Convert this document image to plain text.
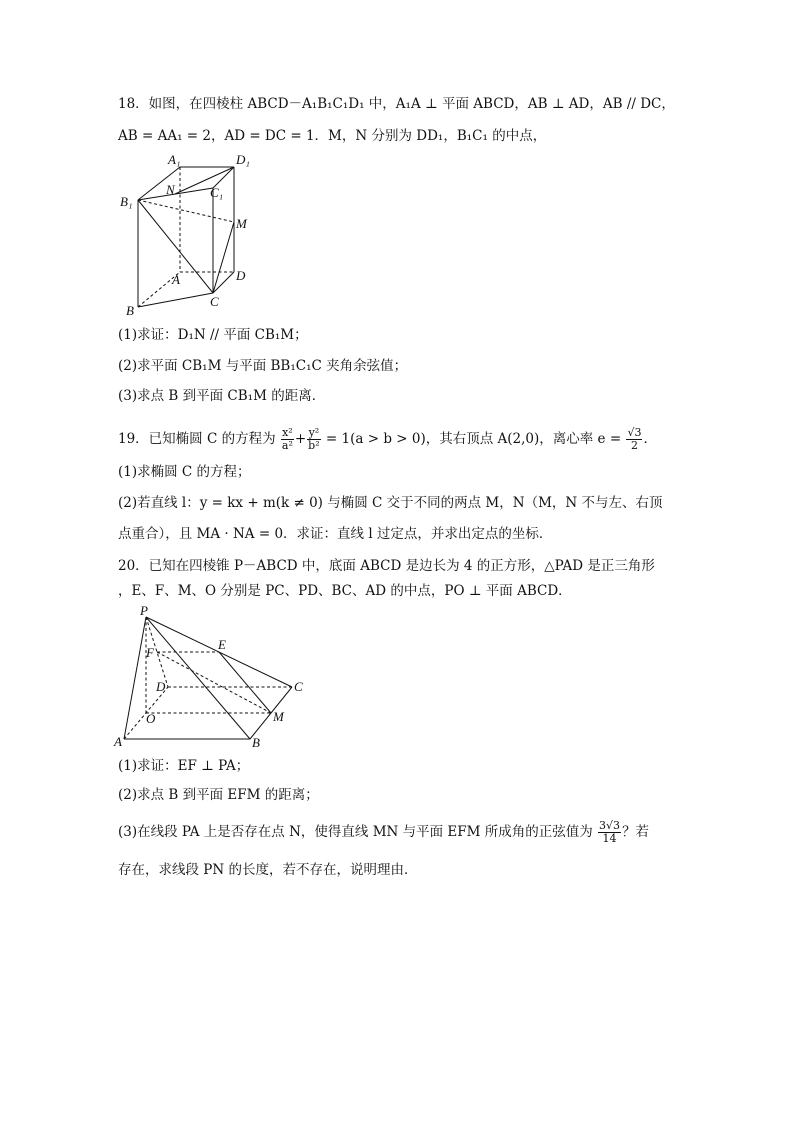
18．如图，在四棱柱 ABCD－A₁B₁C₁D₁ 中，A₁A ⊥ 平面 ABCD，AB ⊥ AD，AB // DC，
AB = AA₁ = 2，AD = DC = 1．M，N 分别为 DD₁，B₁C₁ 的中点，
A₁	D₁
N	C₁
B₁
M
D
A
C
B
(1)求证：D₁N // 平面 CB₁M；
(2)求平面 CB₁M 与平面 BB₁C₁C 夹角余弦值；
(3)求点 B 到平面 CB₁M 的距离．
19．已知椭圆 C 的方程为 $\frac{\text{x²}}{\text{a²}} + \frac{\text{y²}}{\text{b²}} = 1(a > b > 0)$，其右顶点 A(2,0)，离心率 $e = \frac{√3}{2}$ ．
(1)求椭圆 C 的方程；
(2)若直线 l：y = kx + m(k ≠ 0) 与椭圆 C 交于不同的两点 M，N（M，N 不与左、右顶
点重合），且 MA · NA = 0．求证：直线 l 过定点，并求出定点的坐标．
20．已知在四棱锥 P－ABCD 中，底面 ABCD 是边长为 4 的正方形，△PAD 是正三角形
，E、F、M、O 分别是 PC、PD、BC、AD 的中点，PO ⊥ 平面 ABCD．
P
E
F
C
D
M
O
A	B
(1)求证：EF ⊥ PA；
(2)求点 B 到平面 EFM 的距离；
(3)在线段 PA 上是否存在点 N，使得直线 MN 与平面 EFM 所成角的正弦值为 $\frac{3√3}{14}$ ？若
存在，求线段 PN 的长度，若不存在，说明理由．
